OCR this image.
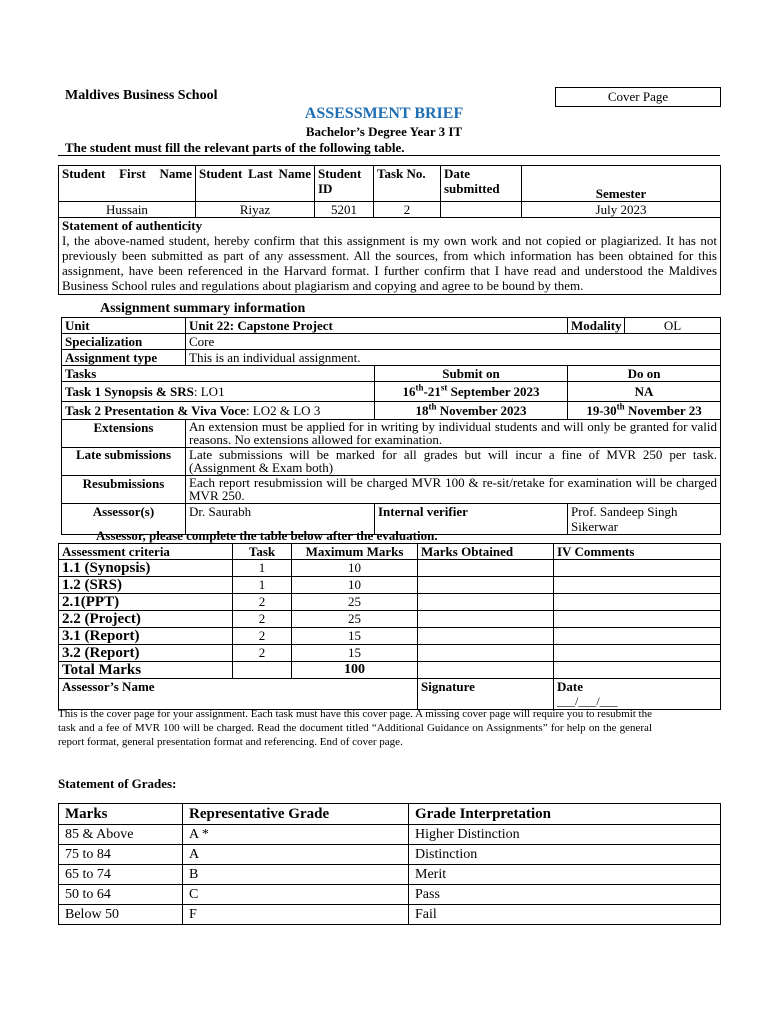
Maldives Business School	Cover Page
ASSESSMENT BRIEF
Bachelor’s Degree Year 3 IT
The student must fill the relevant parts of the following table.
Student First Name	Student Last Name	Student ID	Task No.	Date submitted	Semester
Hussain	Riyaz	5201	2		July 2023

Statement of authenticity
I, the above-named student, hereby confirm that this assignment is my own work and not copied or plagiarized. It has not previously been submitted as part of any assessment. All the sources, from which information has been obtained for this assignment, have been referenced in the Harvard format. I further confirm that I have read and understood the Maldives Business School rules and regulations about plagiarism and copying and agree to be bound by them.					
Assignment summary information
Unit	Unit 22: Capstone Project		Modality	OL
Specialization	Core			
Assignment type	This is an individual assignment.			
Tasks		Submit on	Do on	
Task 1 Synopsis & SRS: LO1		16th-21st September 2023	NA	
Task 2 Presentation & Viva Voce: LO2 & LO 3		18th November 2023	19-30th November 23	
Extensions	An extension must be applied for in writing by individual students and will only be granted for valid reasons. No extensions allowed for examination.			
Late submissions	Late submissions will be marked for all grades but will incur a fine of MVR 250 per task. (Assignment & Exam both)			
Resubmissions	Each report resubmission will be charged MVR 100 & re-sit/retake for examination will be charged MVR 250.			
Assessor(s)	Dr. Saurabh	Internal verifier	Prof. Sandeep Singh Sikerwar	
Assessor, please complete the table below after the evaluation.
Assessment criteria	Task	Maximum Marks	Marks Obtained	IV Comments
1.1 (Synopsis)	1	10		
1.2 (SRS)	1	10		
2.1(PPT)	2	25		
2.2 (Project)	2	25		
3.1 (Report)	2	15		
3.2 (Report)	2	15		
Total Marks		100		
Assessor’s Name			Signature	Date
___/___/___
This is the cover page for your assignment. Each task must have this cover page. A missing cover page will require you to resubmit the task and a fee of MVR 100 will be charged. Read the document titled “Additional Guidance on Assignments” for help on the general report format, general presentation format and referencing. End of cover page.
Statement of Grades:
Marks	Representative Grade	Grade Interpretation
85 & Above	A *	Higher Distinction
75 to 84	A	Distinction
65 to 74	B	Merit
50 to 64	C	Pass
Below 50	F	Fail
